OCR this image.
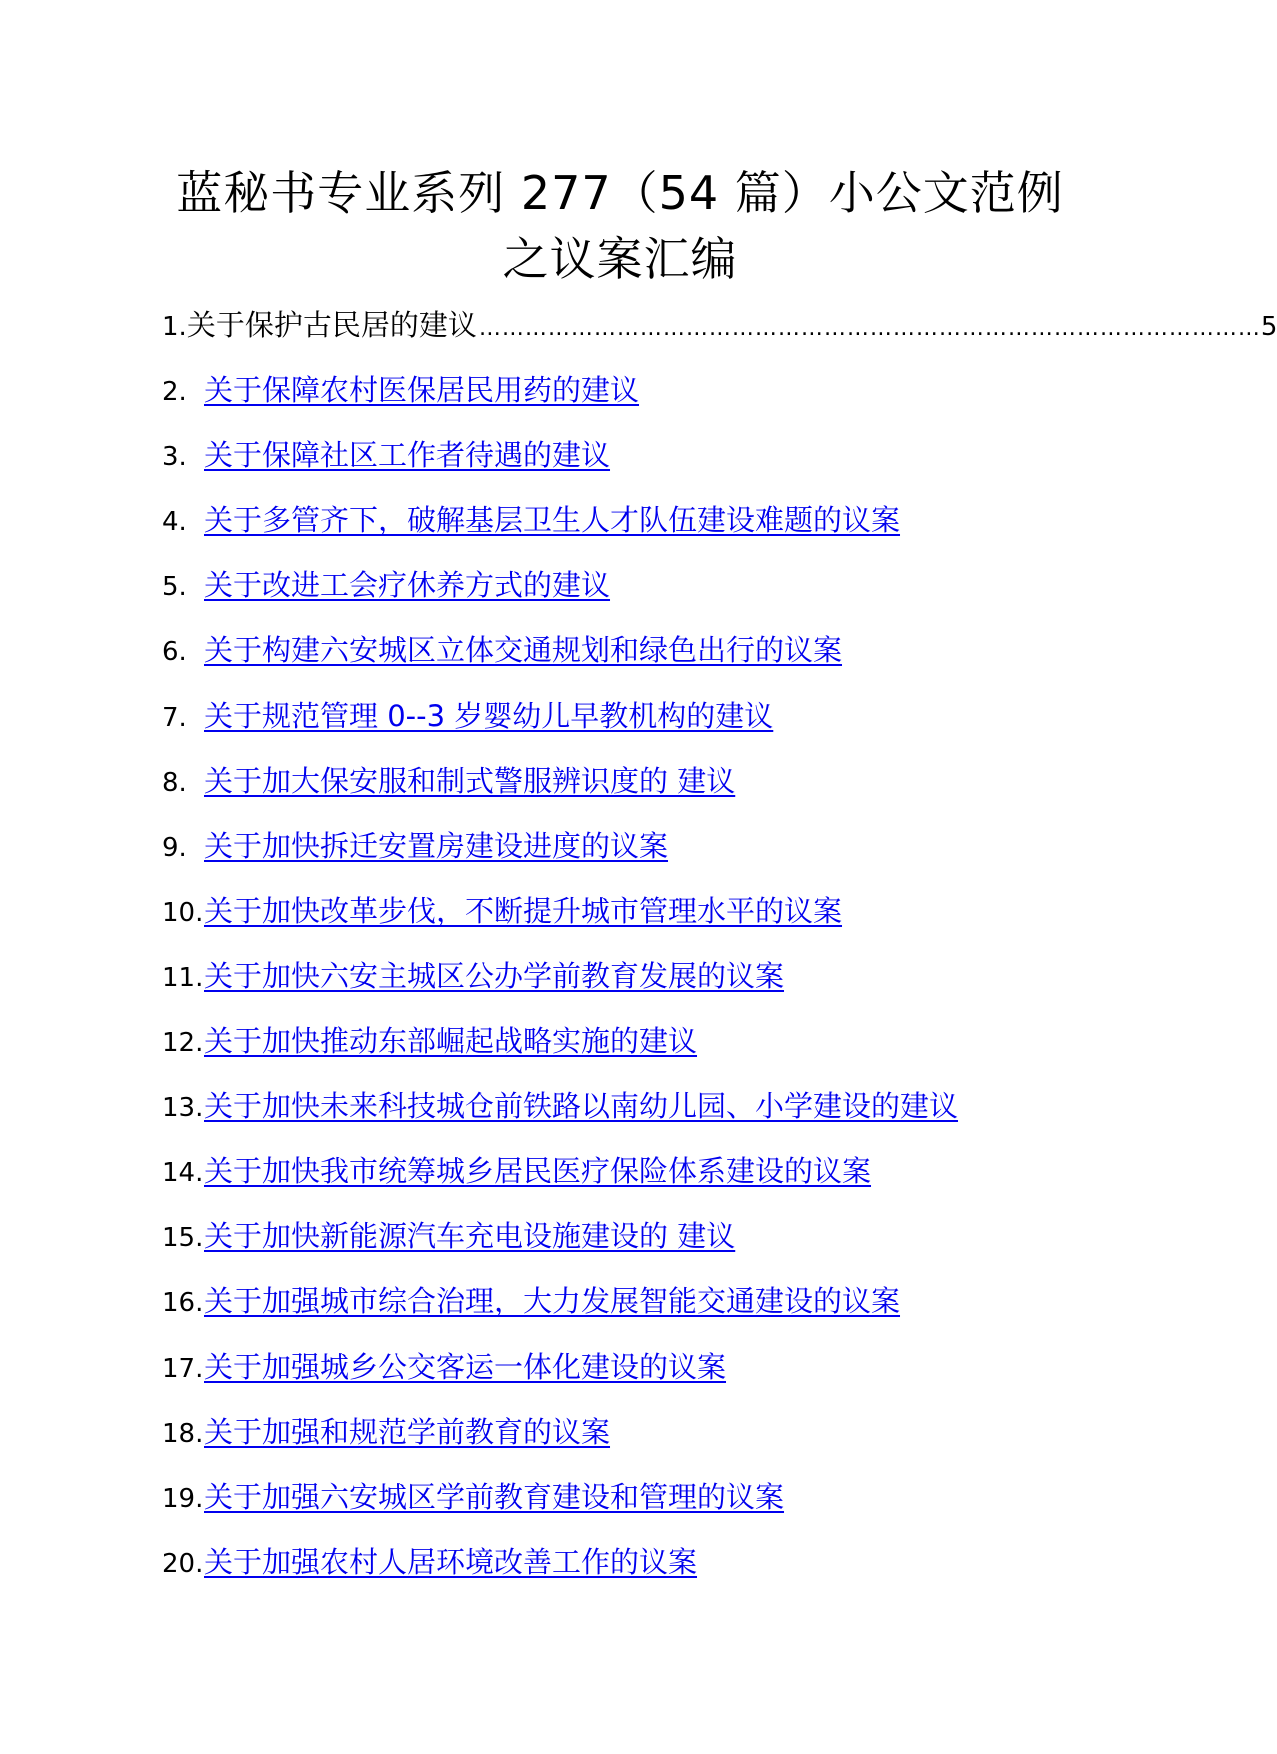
蓝秘书专业系列 277（54 篇）小公文范例
之议案汇编
1. 关于保护古民居的建议 ………………………………………………………………………………………… 5
2. 关于保障农村医保居民用药的建议
3. 关于保障社区工作者待遇的建议
4. 关于多管齐下，破解基层卫生人才队伍建设难题的议案
5. 关于改进工会疗休养方式的建议
6. 关于构建六安城区立体交通规划和绿色出行的议案
7. 关于规范管理 0--3 岁婴幼儿早教机构的建议
8. 关于加大保安服和制式警服辨识度的 建议
9. 关于加快拆迁安置房建设进度的议案
10. 关于加快改革步伐，不断提升城市管理水平的议案
11. 关于加快六安主城区公办学前教育发展的议案
12. 关于加快推动东部崛起战略实施的建议
13. 关于加快未来科技城仓前铁路以南幼儿园、小学建设的建议
14. 关于加快我市统筹城乡居民医疗保险体系建设的议案
15. 关于加快新能源汽车充电设施建设的 建议
16. 关于加强城市综合治理，大力发展智能交通建设的议案
17. 关于加强城乡公交客运一体化建设的议案
18. 关于加强和规范学前教育的议案
19. 关于加强六安城区学前教育建设和管理的议案
20. 关于加强农村人居环境改善工作的议案
